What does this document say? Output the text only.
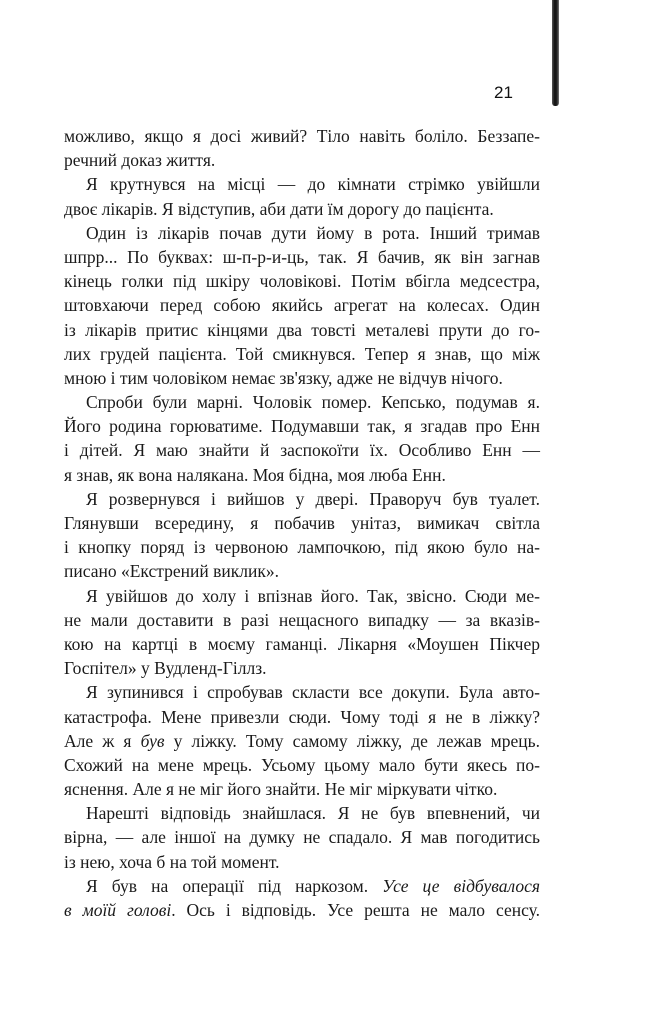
21
можливо, якщо я досі живий? Тіло навіть боліло. Беззапе-
речний доказ життя.
Я крутнувся на місці — до кімнати стрімко увійшли
двоє лікарів. Я відступив, аби дати їм дорогу до пацієнта.
Один із лікарів почав дути йому в рота. Інший тримав
шпрр... По буквах: ш-п-р-и-ць, так. Я бачив, як він загнав
кінець голки під шкіру чоловікові. Потім вбігла медсестра,
штовхаючи перед собою якийсь агрегат на колесах. Один
із лікарів притис кінцями два товсті металеві прути до го-
лих грудей пацієнта. Той смикнувся. Тепер я знав, що між
мною і тим чоловіком немає зв'язку, адже не відчув нічого.
Спроби були марні. Чоловік помер. Кепсько, подумав я.
Його родина горюватиме. Подумавши так, я згадав про Енн
і дітей. Я маю знайти й заспокоїти їх. Особливо Енн —
я знав, як вона налякана. Моя бідна, моя люба Енн.
Я розвернувся і вийшов у двері. Праворуч був туалет.
Глянувши всередину, я побачив унітаз, вимикач світла
і кнопку поряд із червоною лампочкою, під якою було на-
писано «Екстрений виклик».
Я увійшов до холу і впізнав його. Так, звісно. Сюди ме-
не мали доставити в разі нещасного випадку — за вказів-
кою на картці в моєму гаманці. Лікарня «Моушен Пікчер
Госпітел» у Вудленд-Гіллз.
Я зупинився і спробував скласти все докупи. Була авто-
катастрофа. Мене привезли сюди. Чому тоді я не в ліжку?
Але ж я був у ліжку. Тому самому ліжку, де лежав мрець.
Схожий на мене мрець. Усьому цьому мало бути якесь по-
яснення. Але я не міг його знайти. Не міг міркувати чітко.
Нарешті відповідь знайшлася. Я не був впевнений, чи
вірна, — але іншої на думку не спадало. Я мав погодитись
із нею, хоча б на той момент.
Я був на операції під наркозом. Усе це відбувалося
в моїй голові. Ось і відповідь. Усе решта не мало сенсу.
